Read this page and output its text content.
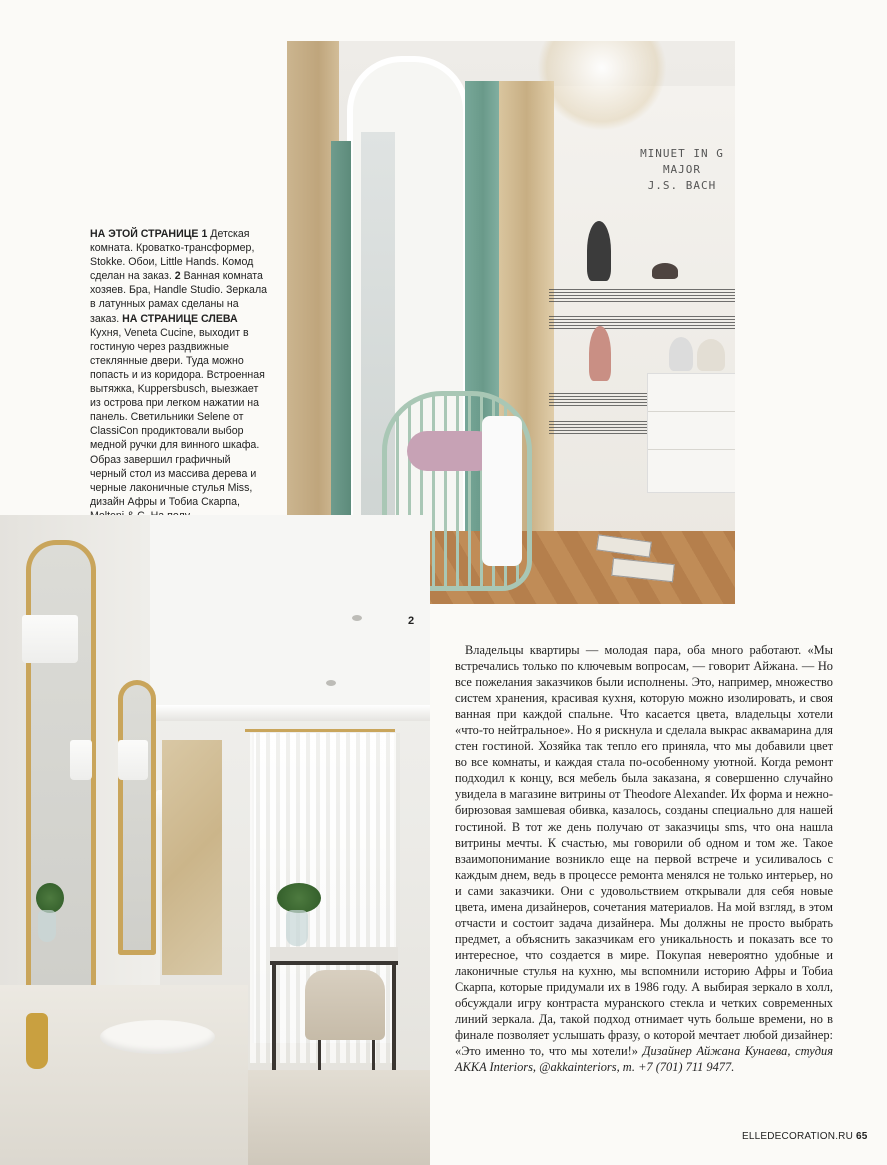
MINUET IN G MAJOR
J.S. BACH
НА ЭТОЙ СТРАНИЦЕ 1 Детская комната. Кроватко-трансформер, Stokke. Обои, Little Hands. Комод сделан на заказ. 2 Ванная комната хозяев. Бра, Handle Studio. Зеркала в латунных рамах сделаны на заказ. НА СТРАНИЦЕ СЛЕВА Кухня, Veneta Cucine, выходит в гостиную через раздвижные стеклянные двери. Туда можно попасть и из коридора. Встроенная вытяжка, Kuppersbusch, выезжает из острова при легком нажатии на панель. Светильники Selene от ClassiCon продиктовали выбор медной ручки для винного шкафа. Образ завершил графичный черный стол из массива дерева и черные лаконичные стулья Miss, дизайн Афры и Тобиа Скарпа,
2
Владельцы квартиры — молодая пара, оба много работают. «Мы встречались только по ключевым вопросам, — говорит Айжана. — Но все пожелания заказчиков были исполнены. Это, например, множество систем хранения, красивая кухня, которую можно изолировать, и своя ванная при каждой спальне. Что касается цвета, владельцы хотели «что-то нейтральное». Но я рискнула и сделала выкрас аквамарина для стен гостиной. Хозяйка так тепло его приняла, что мы добавили цвет во все комнаты, и каждая стала по-особенному уютной. Когда ремонт подходил к концу, вся мебель была заказана, я совершенно случайно увидела в магазине витрины от Theodore Alexander. Их форма и нежно-бирюзовая замшевая обивка, казалось, созданы специально для нашей гостиной. В тот же день получаю от заказчицы sms, что она нашла витрины мечты. К счастью, мы говорили об одном и том же. Такое взаимопонимание возникло еще на первой встрече и усиливалось с каждым днем, ведь в процессе ремонта менялся не только интерьер, но и сами заказчики. Они с удовольствием открывали для себя новые цвета, имена дизайнеров, сочетания материалов. На мой взгляд, в этом отчасти и состоит задача дизайнера. Мы должны не просто выбрать предмет, а объяснить заказчикам его уникальность и показать все то интересное, что создается в мире. Покупая невероятно удобные и лаконичные стулья на кухню, мы вспомнили историю Афры и Тобиа Скарпа, которые придумали их в 1986 году. А выбирая зеркало в холл, обсуждали игру контраста муранского стекла и четких современных линий зеркала. Да, такой подход отнимает чуть больше времени, но в финале позволяет услышать фразу, о которой мечтает любой дизайнер: «Это именно то, что мы хотели!» Дизайнер Айжана Кунаева, студия AKKA Interiors, @akkainteriors, т. +7 (701) 711 9477.
ELLEDECORATION.RU 65
